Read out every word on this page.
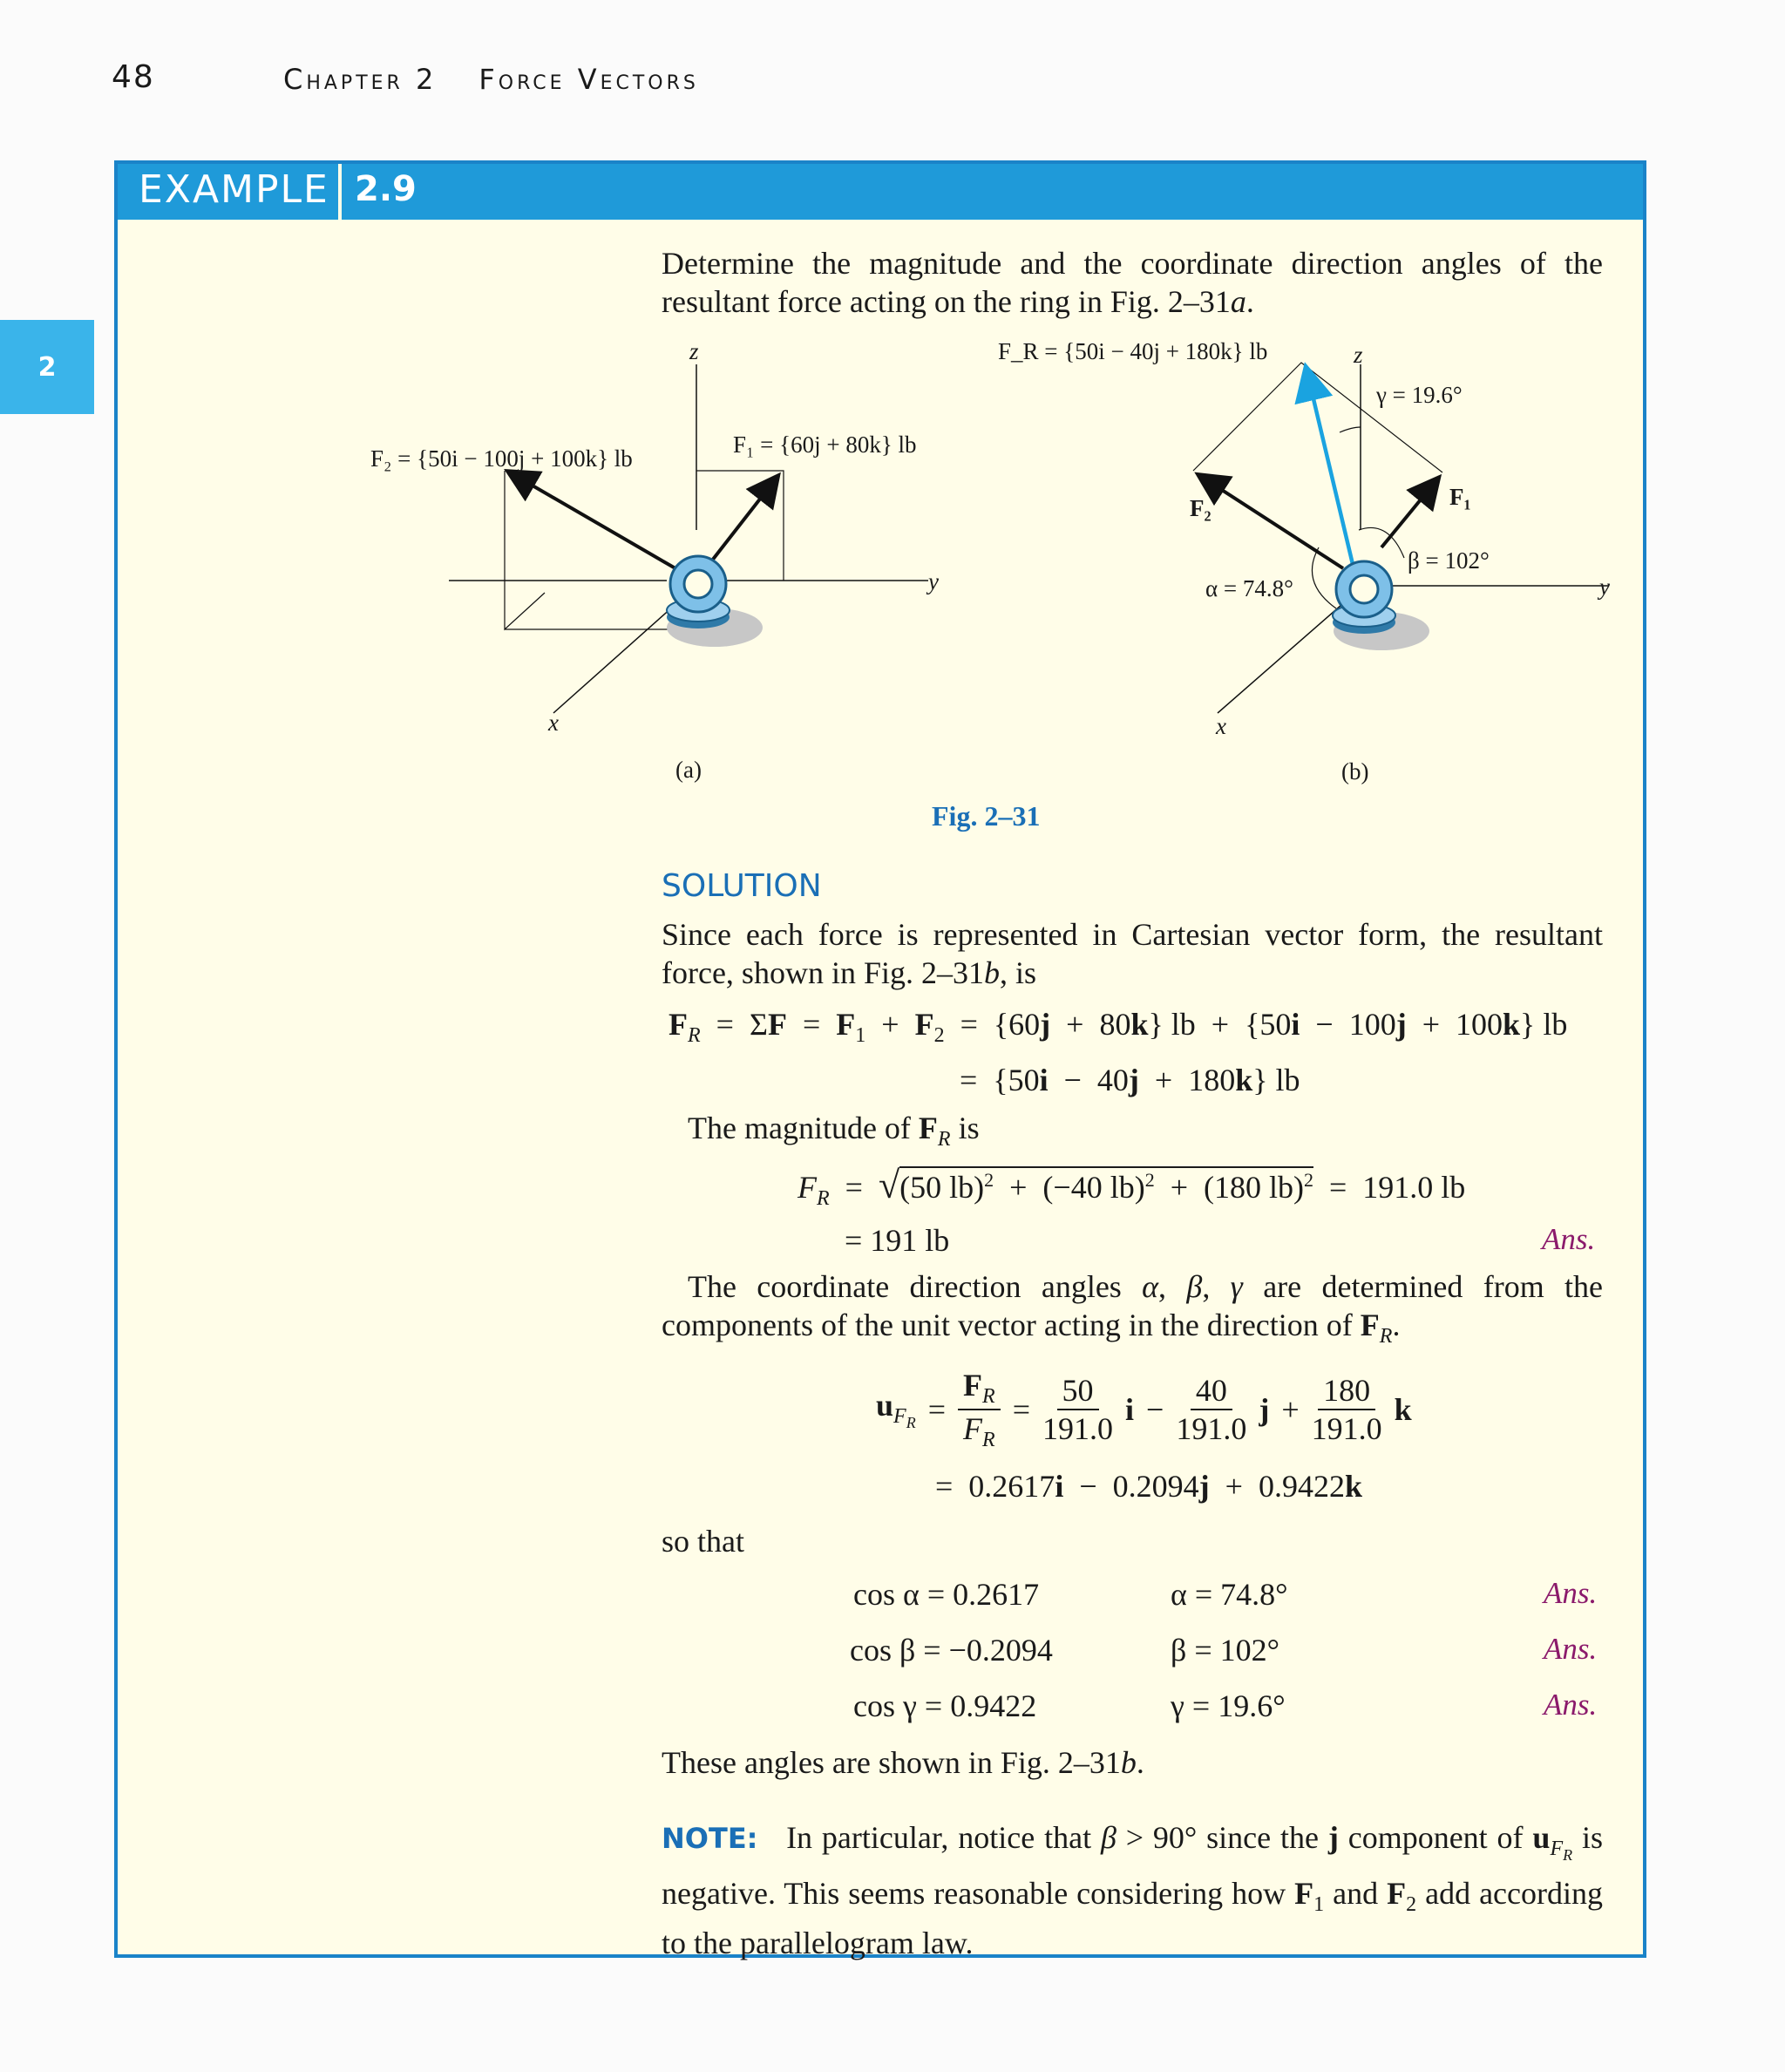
48	Chapter 2 Force Vectors
2
EXAMPLE 2.9
Determine the magnitude and the coordinate direction angles of the resultant force acting on the ring in Fig. 2–31a.
F₂ = {50i − 100j + 100k} lb
F₁ = {60j + 80k} lb
z
y
x
(a)
F_R = {50i − 40j + 180k} lb	z
γ = 19.6°
F₁
F₂
β = 102°
α = 74.8°	y
x
(b)
Fig. 2–31
SOLUTION
Since each force is represented in Cartesian vector form, the resultant force, shown in Fig. 2–31b, is
$F_R = \Sigma F = F_1 + F_2 = \{60j + 80k\}$ lb  +  {50i  −  100j  +  100k} lb
=  {50i  −  40j  +  180k} lb
The magnitude of $F_R$ is
$F_R = √(50$ lb)$^2$  +  (−40 lb)$^2$  +  (180 lb)$^2$  =  191.0 lb
= 191 lb	Ans.
The coordinate direction angles α, β, γ are determined from the components of the unit vector acting in the direction of $F_R$.
$u_{F_R} = \frac{F_R}{F_R} = \frac{50}{191.0}$ $i - \frac{40}{191.0}$ $j + \frac{180}{191.0}$ k
=  0.2617i  −  0.2094j  +  0.9422k
so that
cos α = 0.2617	α = 74.8°	Ans.
cos β = −0.2094	β = 102°	Ans.
cos γ = 0.9422	γ = 19.6°	Ans.
These angles are shown in Fig. 2–31b.
NOTE:   In particular, notice that β > 90° since the j component of $u_{F_R}$ is negative. This seems reasonable considering how $F_1$ and $F_2$ add according to the parallelogram law.
